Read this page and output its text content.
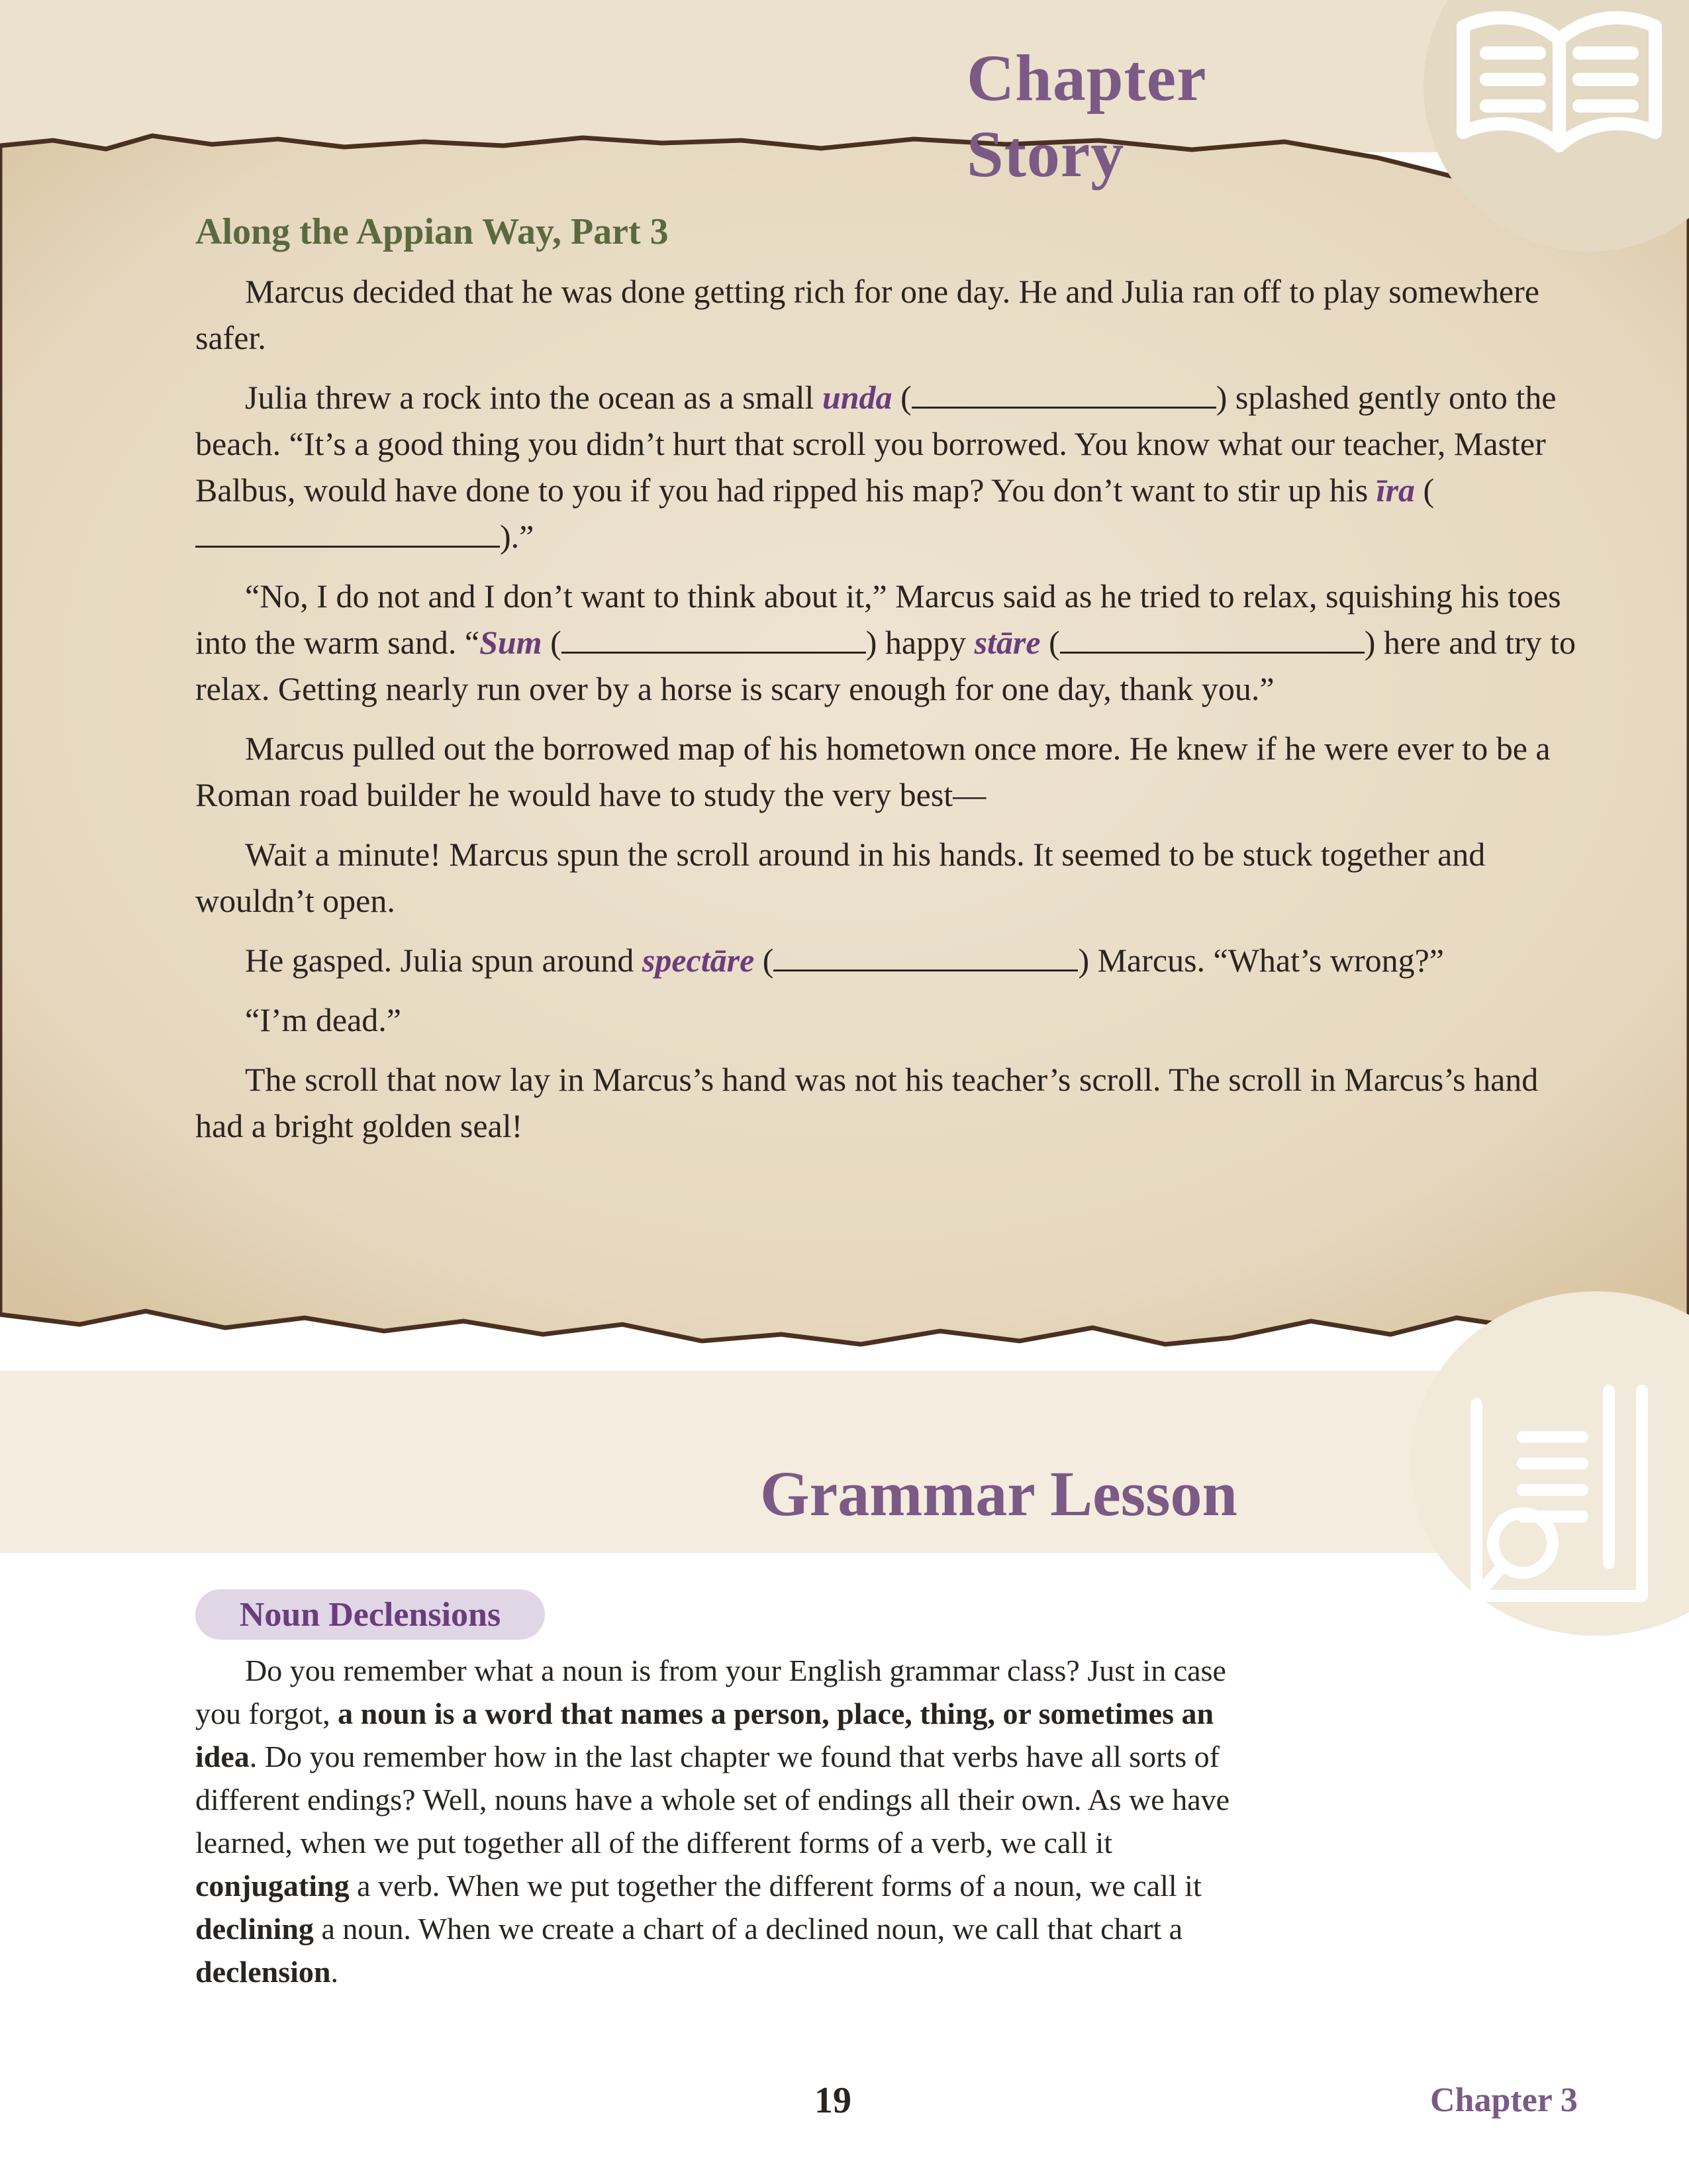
Chapter Story
Along the Appian Way, Part 3

Marcus decided that he was done getting rich for one day. He and Julia ran off to play somewhere safer.

Julia threw a rock into the ocean as a small unda (	) splashed gently onto the beach. “It’s a good thing you didn’t hurt that scroll you borrowed. You know what our teacher, Master Balbus, would have done to you if you had ripped his map? You don’t want to stir up his īra ().”

“No, I do not and I don’t want to think about it,” Marcus said as he tried to relax, squishing his toes into the warm sand. “Sum (	) happy stāre (	) here and try to relax. Getting nearly run over by a horse is scary enough for one day, thank you.”

Marcus pulled out the borrowed map of his hometown once more. He knew if he were ever to be a Roman road builder he would have to study the very best—

Wait a minute! Marcus spun the scroll around in his hands. It seemed to be stuck together and wouldn’t open.

He gasped. Julia spun around spectāre (	) Marcus. “What’s wrong?”

“I’m dead.”

The scroll that now lay in Marcus’s hand was not his teacher’s scroll. The scroll in Marcus’s hand had a bright golden seal!

Grammar Lesson
Noun Declensions

Do you remember what a noun is from your English grammar class? Just in case you forgot, a noun is a word that names a person, place, thing, or sometimes an idea. Do you remember how in the last chapter we found that verbs have all sorts of different endings? Well, nouns have a whole set of endings all their own. As we have learned, when we put together all of the different forms of a verb, we call it conjugating a verb. When we put together the different forms of a noun, we call it declining a noun. When we create a chart of a declined noun, we call that chart a declension.

19	Chapter 3
